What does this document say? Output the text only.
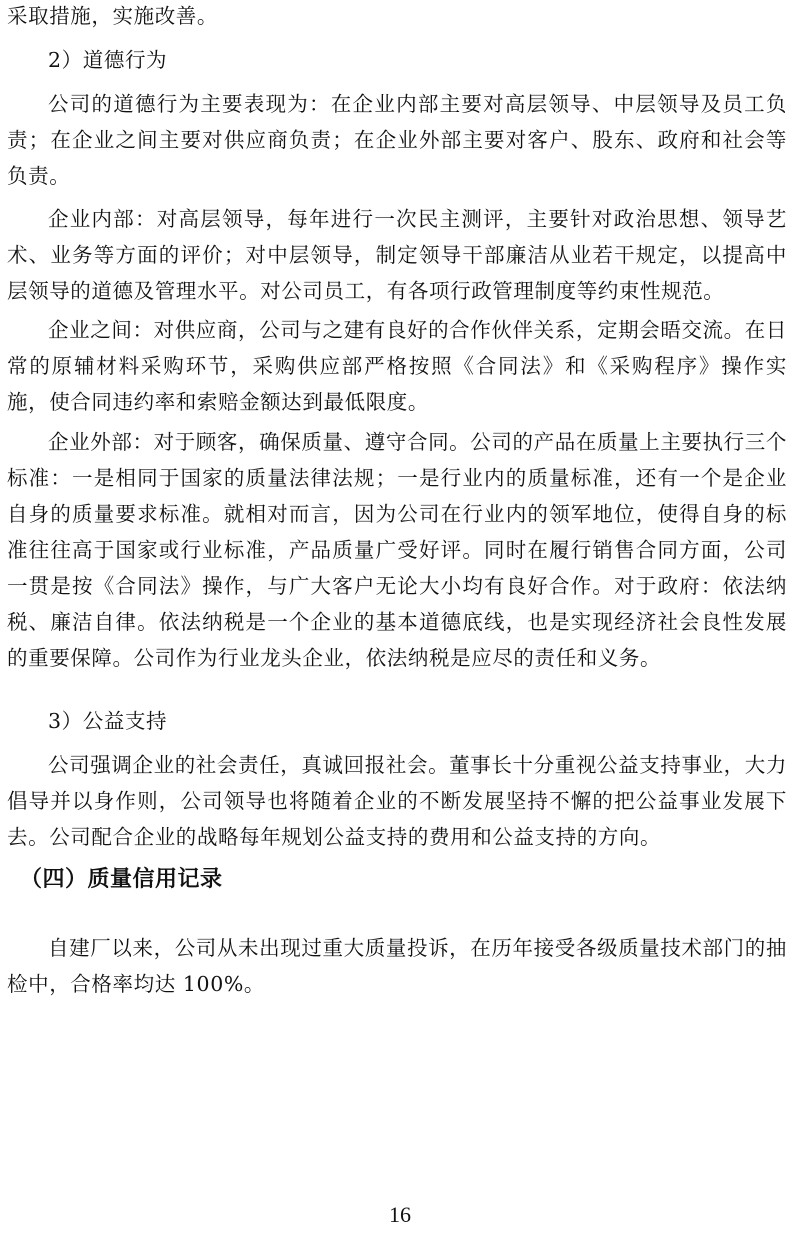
采取措施，实施改善。

2）道德行为

公司的道德行为主要表现为：在企业内部主要对高层领导、中层领导及员工负责；在企业之间主要对供应商负责；在企业外部主要对客户、股东、政府和社会等负责。

企业内部：对高层领导，每年进行一次民主测评，主要针对政治思想、领导艺术、业务等方面的评价；对中层领导，制定领导干部廉洁从业若干规定，以提高中层领导的道德及管理水平。对公司员工，有各项行政管理制度等约束性规范。

企业之间：对供应商，公司与之建有良好的合作伙伴关系，定期会晤交流。在日常的原辅材料采购环节，采购供应部严格按照《合同法》和《采购程序》操作实施，使合同违约率和索赔金额达到最低限度。

企业外部：对于顾客，确保质量、遵守合同。公司的产品在质量上主要执行三个标准：一是相同于国家的质量法律法规；一是行业内的质量标准，还有一个是企业自身的质量要求标准。就相对而言，因为公司在行业内的领军地位，使得自身的标准往往高于国家或行业标准，产品质量广受好评。同时在履行销售合同方面，公司一贯是按《合同法》操作，与广大客户无论大小均有良好合作。对于政府：依法纳税、廉洁自律。依法纳税是一个企业的基本道德底线，也是实现经济社会良性发展的重要保障。公司作为行业龙头企业，依法纳税是应尽的责任和义务。

3）公益支持

公司强调企业的社会责任，真诚回报社会。董事长十分重视公益支持事业，大力倡导并以身作则，公司领导也将随着企业的不断发展坚持不懈的把公益事业发展下去。公司配合企业的战略每年规划公益支持的费用和公益支持的方向。

（四）质量信用记录

自建厂以来，公司从未出现过重大质量投诉，在历年接受各级质量技术部门的抽检中，合格率均达 100%。

16
